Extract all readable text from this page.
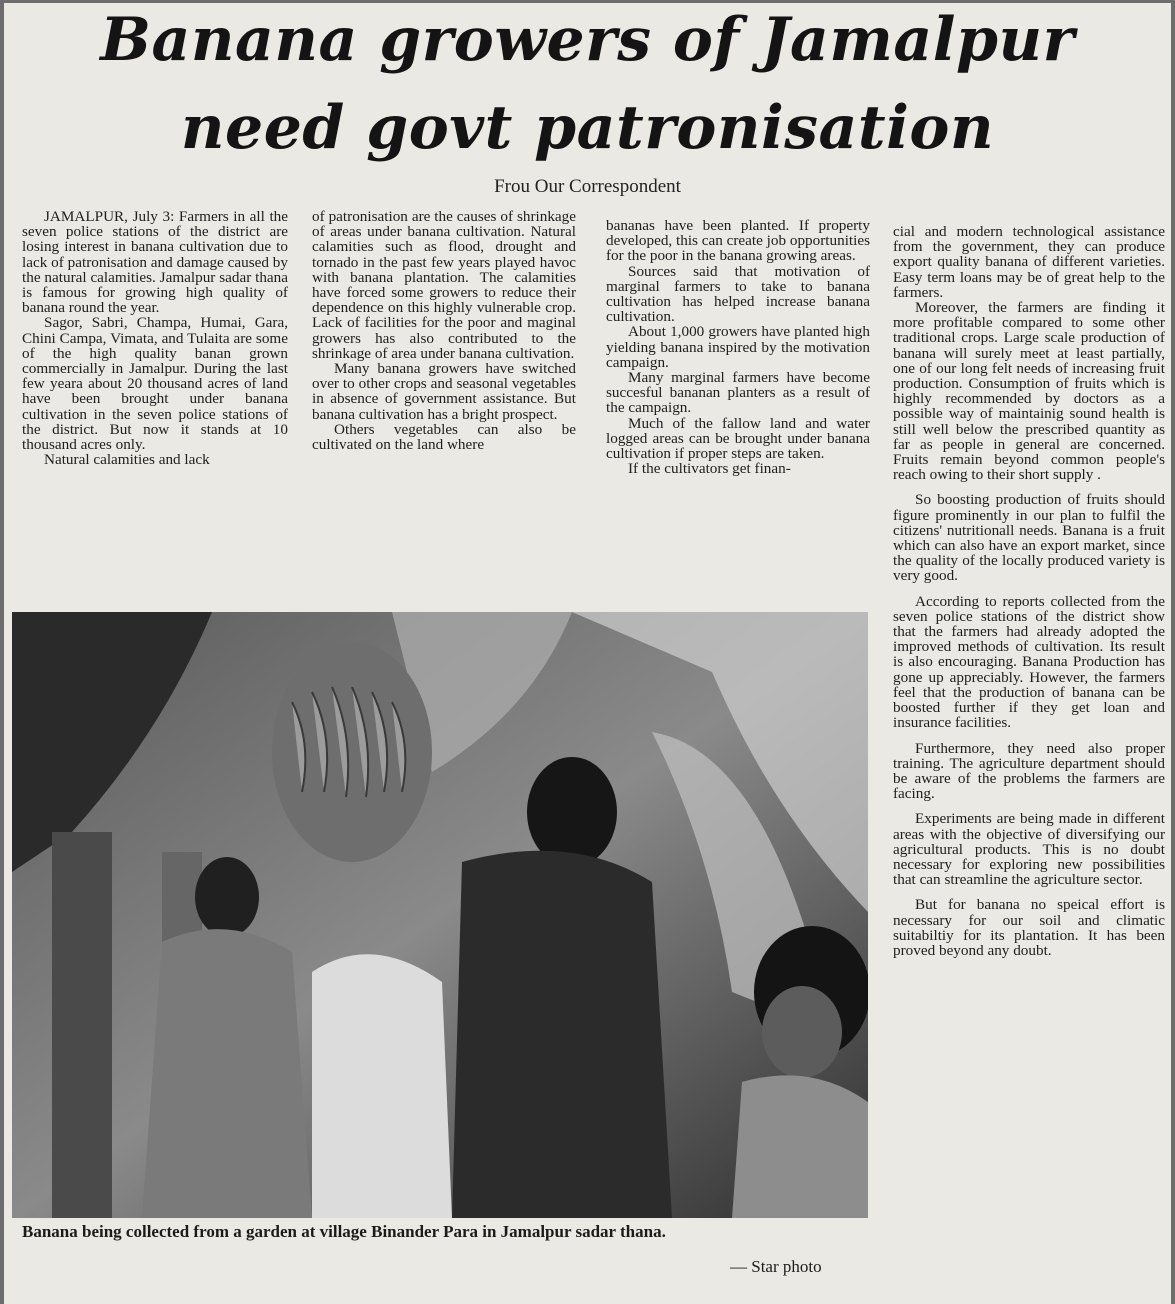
Banana growers of Jamalpur
need govt patronisation
Frou Our Correspondent

JAMALPUR, July 3: Farmers in all the seven police stations of the district are losing interest in banana cultivation due to lack of patronisation and damage caused by the natural calamities. Jamalpur sadar thana is famous for growing high quality of banana round the year.

Sagor, Sabri, Champa, Humai, Gara, Chini Campa, Vimata, and Tulaita are some of the high quality banan grown commercially in Jamalpur. During the last few yeara about 20 thousand acres of land have been brought under banana cultivation in the seven police stations of the district. But now it stands at 10 thousand acres only.

Natural calamities and lack

of patronisation are the causes of shrinkage of areas under banana cultivation. Natural calamities such as flood, drought and tornado in the past few years played havoc with banana plantation. The calamities have forced some growers to reduce their dependence on this highly vulnerable crop. Lack of facilities for the poor and maginal growers has also contributed to the shrinkage of area under banana cultivation.

Many banana growers have switched over to other crops and seasonal vegetables in absence of government assistance. But banana cultivation has a bright prospect.

Others vegetables can also be cultivated on the land where

bananas have been planted. If property developed, this can create job opportunities for the poor in the banana growing areas.

Sources said that motivation of marginal farmers to take to banana cultivation has helped increase banana cultivation.

About 1,000 growers have planted high yielding banana inspired by the motivation campaign.

Many marginal farmers have become succesful bananan planters as a result of the campaign.

Much of the fallow land and water logged areas can be brought under banana cultivation if proper steps are taken.

If the cultivators get finan-

cial and modern technological assistance from the government, they can produce export quality banana of different varieties. Easy term loans may be of great help to the farmers.

Moreover, the farmers are finding it more profitable compared to some other traditional crops. Large scale production of banana will surely meet at least partially, one of our long felt needs of increasing fruit production. Consumption of fruits which is highly recommended by doctors as a possible way of maintainig sound health is still well below the prescribed quantity as far as people in general are concerned. Fruits remain beyond common people's reach owing to their short supply .

So boosting production of fruits should figure prominently in our plan to fulfil the citizens' nutritionall needs. Banana is a fruit which can also have an export market, since the quality of the locally produced variety is very good.

According to reports collected from the seven police stations of the district show that the farmers had already adopted the improved methods of cultivation. Its result is also encouraging. Banana Production has gone up appreciably. However, the farmers feel that the production of banana can be boosted further if they get loan and insurance facilities.

Furthermore, they need also proper training. The agriculture department should be aware of the problems the farmers are facing.

Experiments are being made in different areas with the objective of diversifying our agricultural products. This is no doubt necessary for exploring new possibilities that can streamline the agriculture sector.

But for banana no speical effort is necessary for our soil and climatic suitabiltiy for its plantation. It has been proved beyond any doubt.

Banana being collected from a garden at village Binander Para in Jamalpur sadar thana.
— Star photo
